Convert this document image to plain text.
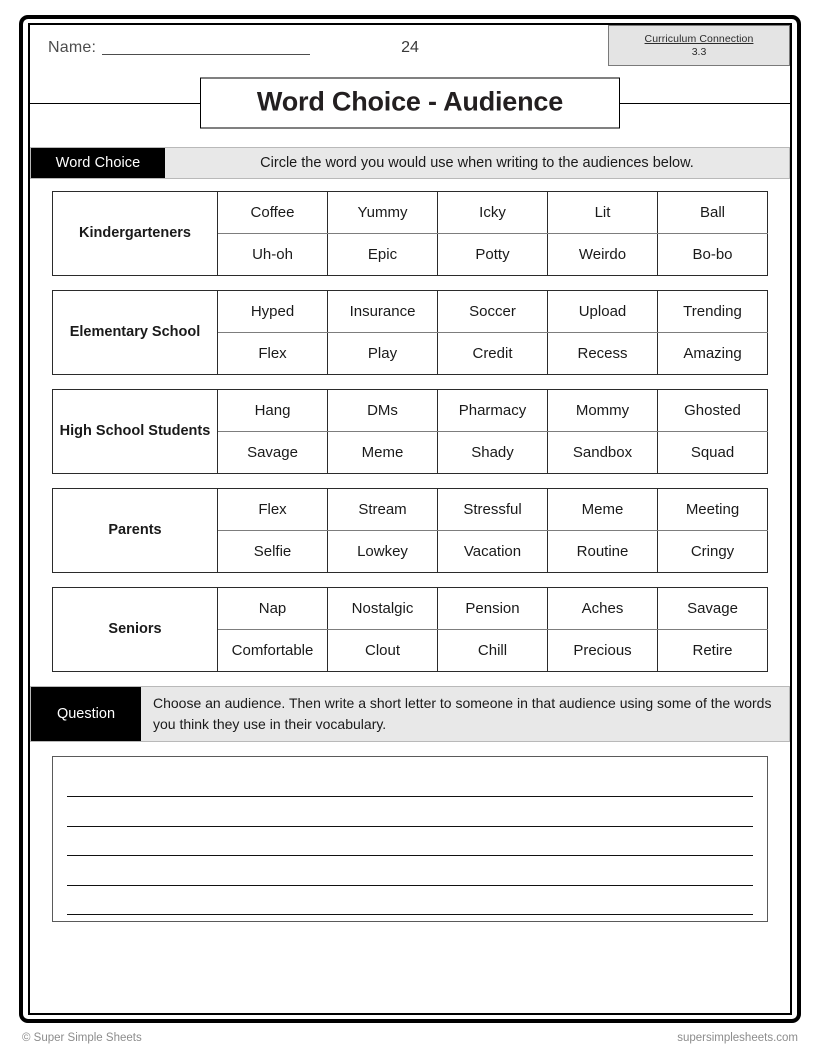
Name:	24
Curriculum Connection
3.3
Word Choice - Audience
Word Choice	Circle the word you would use when writing to the audiences below.
Kindergarteners	Coffee	Yummy	Icky	Lit	Ball
	Uh-oh	Epic	Potty	Weirdo	Bo-bo
Elementary School	Hyped	Insurance	Soccer	Upload	Trending
	Flex	Play	Credit	Recess	Amazing
High School Students	Hang	DMs	Pharmacy	Mommy	Ghosted
	Savage	Meme	Shady	Sandbox	Squad
Parents	Flex	Stream	Stressful	Meme	Meeting
	Selfie	Lowkey	Vacation	Routine	Cringy
Seniors	Nap	Nostalgic	Pension	Aches	Savage
	Comfortable	Clout	Chill	Precious	Retire
Question
Choose an audience. Then write a short letter to someone in that audience using some of the words you think they use in their vocabulary.
© Super Simple Sheets	supersimplesheets.com
